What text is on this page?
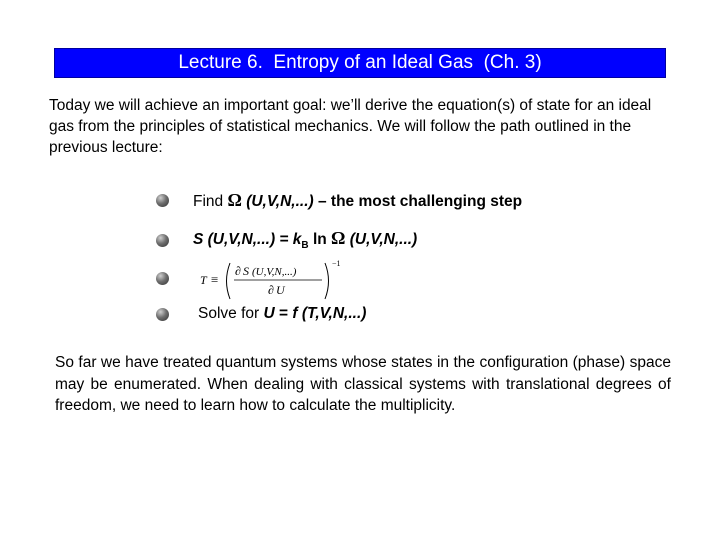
Lecture 6.  Entropy of an Ideal Gas  (Ch. 3)

Today we will achieve an important goal: we’ll derive the equation(s) of state for an ideal gas from the principles of statistical mechanics. We will follow the path outlined in the previous lecture:

Find Ω (U,V,N,...) – the most challenging step
S $(U,V,N,...) = k_B$ ln Ω (U,V,N,...)
Solve for U = f (T,V,N,...)
T ≡
∂ S (U,V,N,...)
∂ U
−1

So far we have treated quantum systems whose states in the configuration (phase) space may be enumerated. When dealing with classical systems with translational degrees of freedom, we need to learn how to calculate the multiplicity.
